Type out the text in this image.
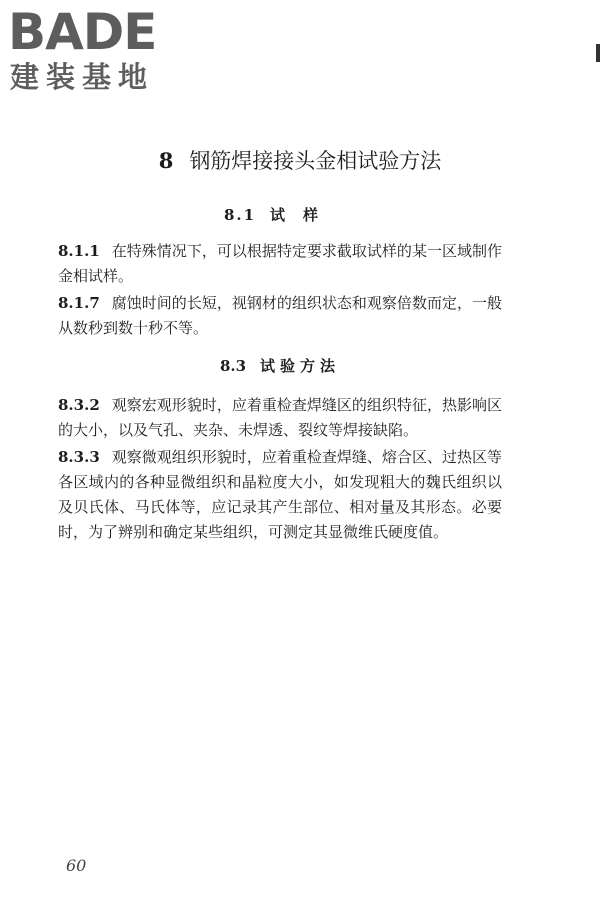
BADE
建装基地
8 钢筋焊接接头金相试验方法
8.1 试样
8.1.1 在特殊情况下，可以根据特定要求截取试样的某一区域制作金相试样。
8.1.7 腐蚀时间的长短，视钢材的组织状态和观察倍数而定，一般从数秒到数十秒不等。
8.3 试验方法
8.3.2 观察宏观形貌时，应着重检查焊缝区的组织特征，热影响区的大小，以及气孔、夹杂、未焊透、裂纹等焊接缺陷。
8.3.3 观察微观组织形貌时，应着重检查焊缝、熔合区、过热区等各区域内的各种显微组织和晶粒度大小，如发现粗大的魏氏组织以及贝氏体、马氏体等，应记录其产生部位、相对量及其形态。必要时，为了辨别和确定某些组织，可测定其显微维氏硬度值。
60
